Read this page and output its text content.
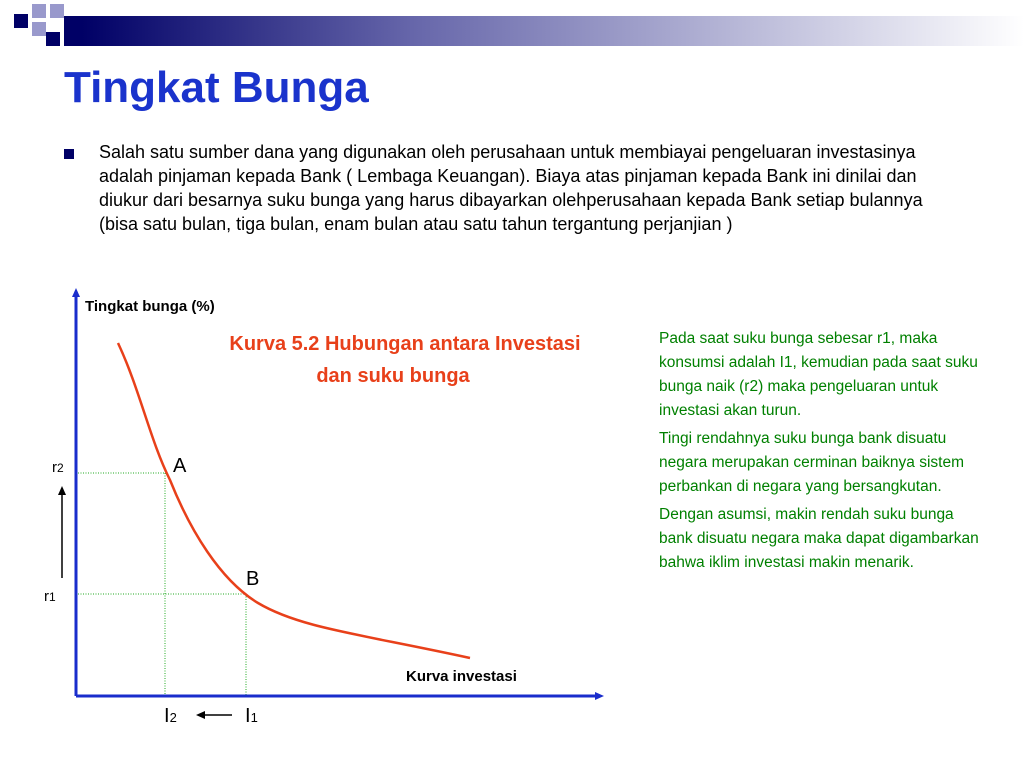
Tingkat Bunga

Salah satu sumber dana yang digunakan oleh perusahaan untuk membiayai pengeluaran investasinya adalah pinjaman kepada Bank ( Lembaga Keuangan). Biaya atas pinjaman kepada Bank ini dinilai dan diukur dari besarnya suku bunga yang harus dibayarkan olehperusahaan kepada Bank setiap bulannya (bisa satu bulan, tiga bulan, enam bulan atau satu tahun tergantung perjanjian )

Tingkat bunga (%)
Kurva 5.2 Hubungan antara Investasi
dan suku bunga
A
B
r2
r1
I2	I1
Kurva investasi

Pada saat suku bunga sebesar r1, maka konsumsi adalah I1, kemudian pada saat suku bunga naik (r2) maka pengeluaran untuk investasi akan turun.

Tingi rendahnya suku bunga bank disuatu negara merupakan cerminan baiknya sistem perbankan di negara yang bersangkutan.

Dengan asumsi, makin rendah suku bunga bank disuatu negara maka dapat digambarkan bahwa iklim investasi makin menarik.
